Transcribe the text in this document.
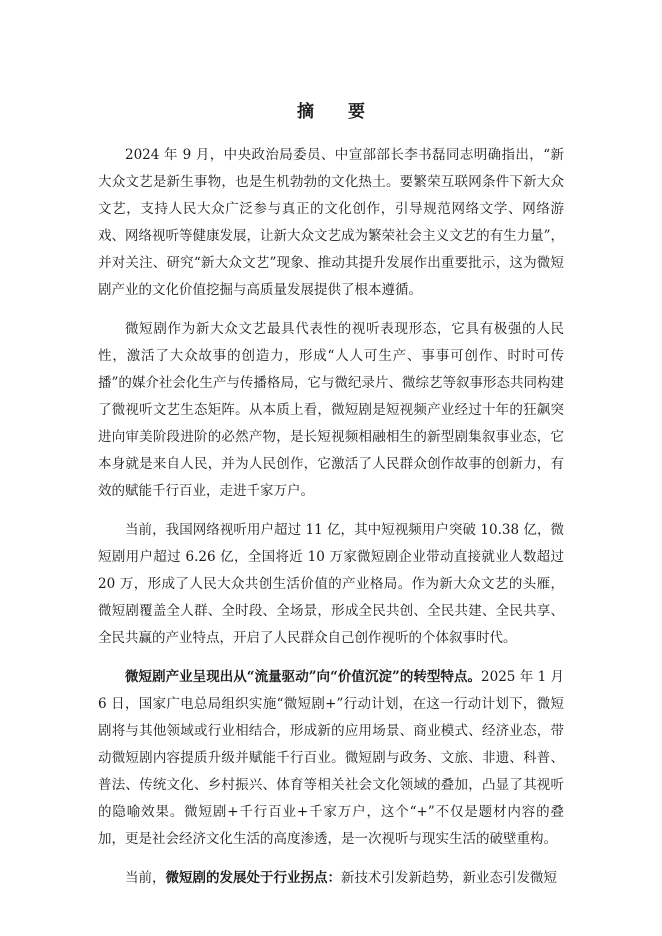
摘 要

2024 年 9 月，中央政治局委员、中宣部部长李书磊同志明确指出，“新大众文艺是新生事物，也是生机勃勃的文化热土。要繁荣互联网条件下新大众文艺，支持人民大众广泛参与真正的文化创作，引导规范网络文学、网络游戏、网络视听等健康发展，让新大众文艺成为繁荣社会主义文艺的有生力量”，并对关注、研究“新大众文艺”现象、推动其提升发展作出重要批示，这为微短剧产业的文化价值挖掘与高质量发展提供了根本遵循。

微短剧作为新大众文艺最具代表性的视听表现形态，它具有极强的人民性，激活了大众故事的创造力，形成“人人可生产、事事可创作、时时可传播”的媒介社会化生产与传播格局，它与微纪录片、微综艺等叙事形态共同构建了微视听文艺生态矩阵。从本质上看，微短剧是短视频产业经过十年的狂飙突进向审美阶段进阶的必然产物，是长短视频相融相生的新型剧集叙事业态，它本身就是来自人民，并为人民创作，它激活了人民群众创作故事的创新力，有效的赋能千行百业，走进千家万户。

当前，我国网络视听用户超过 11 亿，其中短视频用户突破 10.38 亿，微短剧用户超过 6.26 亿，全国将近 10 万家微短剧企业带动直接就业人数超过 20 万，形成了人民大众共创生活价值的产业格局。作为新大众文艺的头雁，微短剧覆盖全人群、全时段、全场景，形成全民共创、全民共建、全民共享、全民共赢的产业特点，开启了人民群众自己创作视听的个体叙事时代。

微短剧产业呈现出从“流量驱动”向“价值沉淀”的转型特点。2025 年 1 月 6 日，国家广电总局组织实施“微短剧+”行动计划，在这一行动计划下，微短剧将与其他领域或行业相结合，形成新的应用场景、商业模式、经济业态，带动微短剧内容提质升级并赋能千行百业。微短剧与政务、文旅、非遗、科普、普法、传统文化、乡村振兴、体育等相关社会文化领域的叠加，凸显了其视听的隐喻效果。微短剧+千行百业+千家万户，这个“+”不仅是题材内容的叠加，更是社会经济文化生活的高度渗透，是一次视听与现实生活的破壁重构。

当前，微短剧的发展处于行业拐点：新技术引发新趋势，新业态引发微短
